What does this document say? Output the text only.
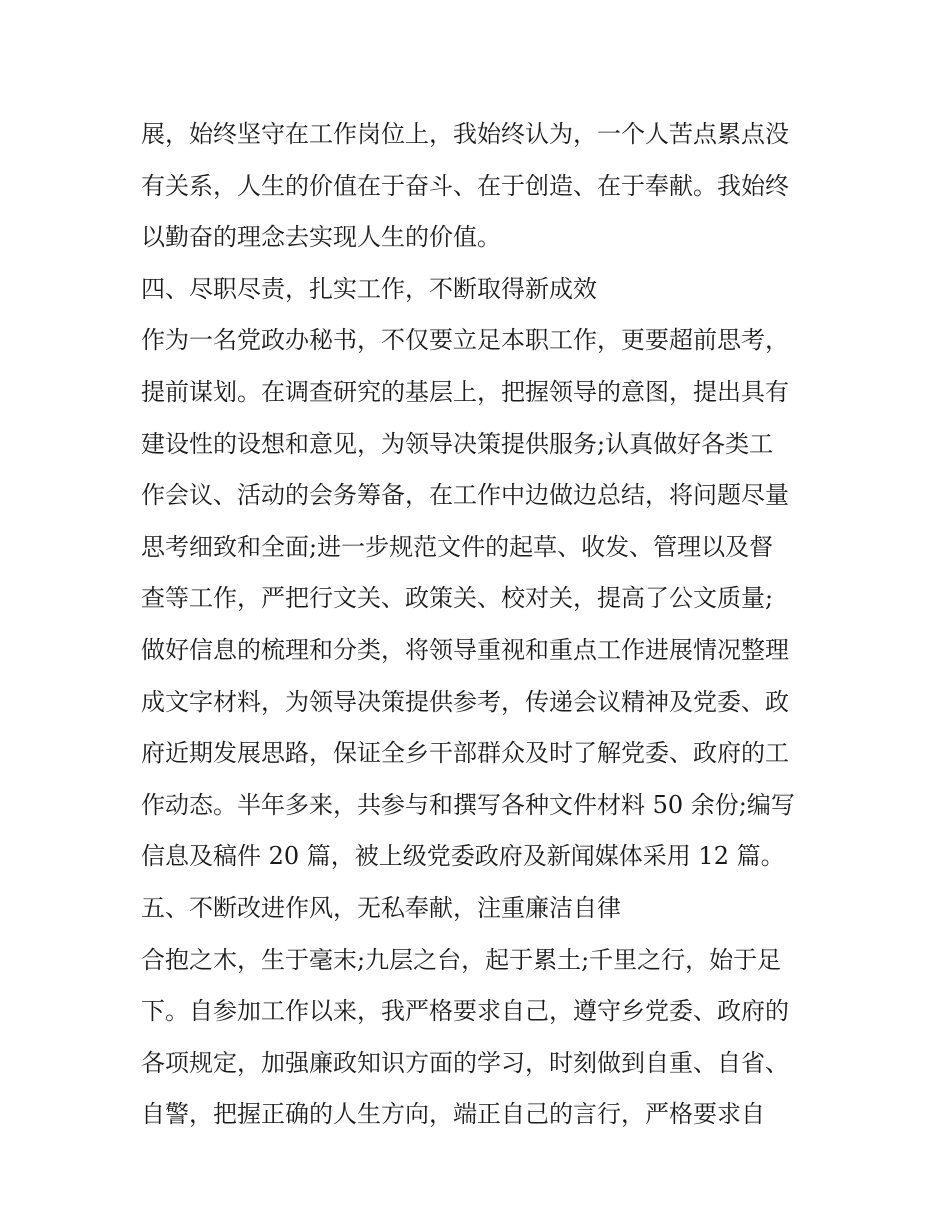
展，始终坚守在工作岗位上，我始终认为，一个人苦点累点没
有关系，人生的价值在于奋斗、在于创造、在于奉献。我始终
以勤奋的理念去实现人生的价值。
四、尽职尽责，扎实工作，不断取得新成效
作为一名党政办秘书，不仅要立足本职工作，更要超前思考，
提前谋划。在调查研究的基层上，把握领导的意图，提出具有
建设性的设想和意见，为领导决策提供服务;认真做好各类工
作会议、活动的会务筹备，在工作中边做边总结，将问题尽量
思考细致和全面;进一步规范文件的起草、收发、管理以及督
查等工作，严把行文关、政策关、校对关，提高了公文质量;
做好信息的梳理和分类，将领导重视和重点工作进展情况整理
成文字材料，为领导决策提供参考，传递会议精神及党委、政
府近期发展思路，保证全乡干部群众及时了解党委、政府的工
作动态。半年多来，共参与和撰写各种文件材料 50 余份;编写
信息及稿件 20 篇，被上级党委政府及新闻媒体采用 12 篇。
五、不断改进作风，无私奉献，注重廉洁自律
合抱之木，生于毫末;九层之台，起于累土;千里之行，始于足
下。自参加工作以来，我严格要求自己，遵守乡党委、政府的
各项规定，加强廉政知识方面的学习，时刻做到自重、自省、
自警，把握正确的人生方向，端正自己的言行，严格要求自
